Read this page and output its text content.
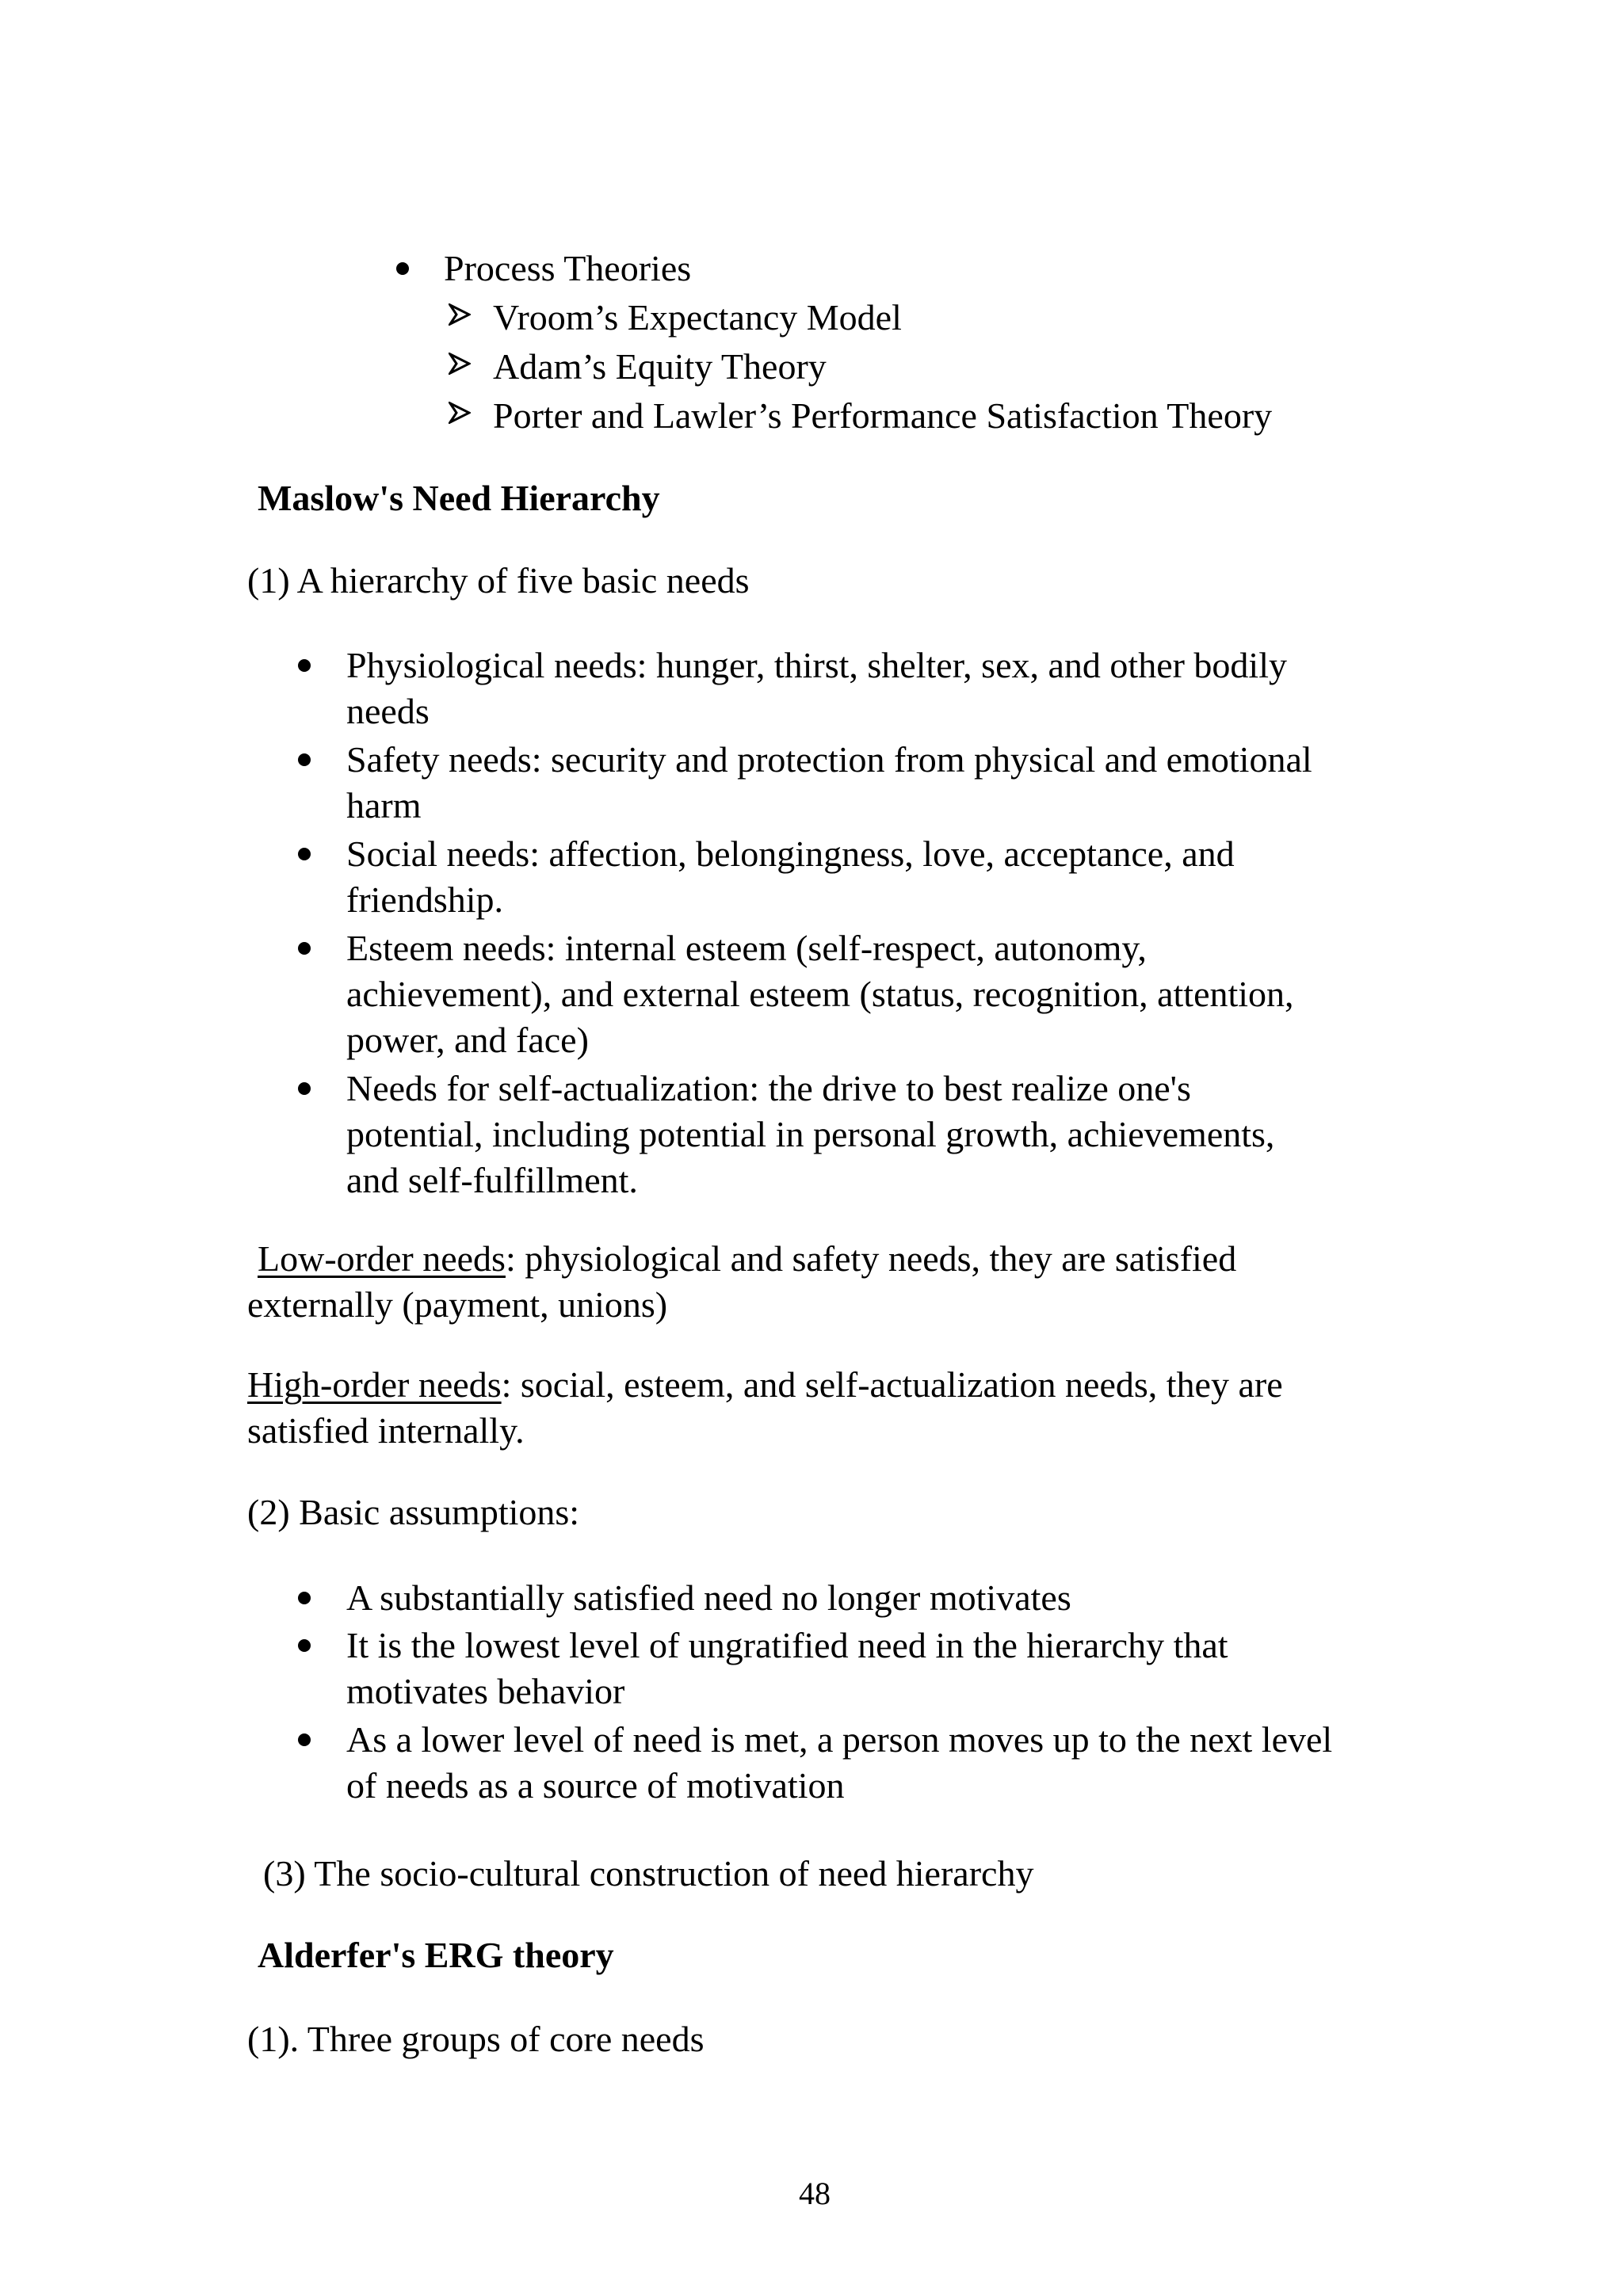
Process Theories
Vroom’s Expectancy Model
Adam’s Equity Theory
Porter and Lawler’s Performance Satisfaction Theory
Maslow's Need Hierarchy
(1) A hierarchy of five basic needs
Physiological needs: hunger, thirst, shelter, sex, and other bodily
needs
Safety needs: security and protection from physical and emotional
harm
Social needs: affection, belongingness, love, acceptance, and
friendship.
Esteem needs: internal esteem (self-respect, autonomy,
achievement), and external esteem (status, recognition, attention,
power, and face)
Needs for self-actualization: the drive to best realize one's
potential, including potential in personal growth, achievements,
and self-fulfillment.
Low-order needs: physiological and safety needs, they are satisfied
externally (payment, unions)
High-order needs: social, esteem, and self-actualization needs, they are
satisfied internally.
(2) Basic assumptions:
A substantially satisfied need no longer motivates
It is the lowest level of ungratified need in the hierarchy that
motivates behavior
As a lower level of need is met, a person moves up to the next level
of needs as a source of motivation
(3) The socio-cultural construction of need hierarchy
Alderfer's ERG theory
(1). Three groups of core needs
48
